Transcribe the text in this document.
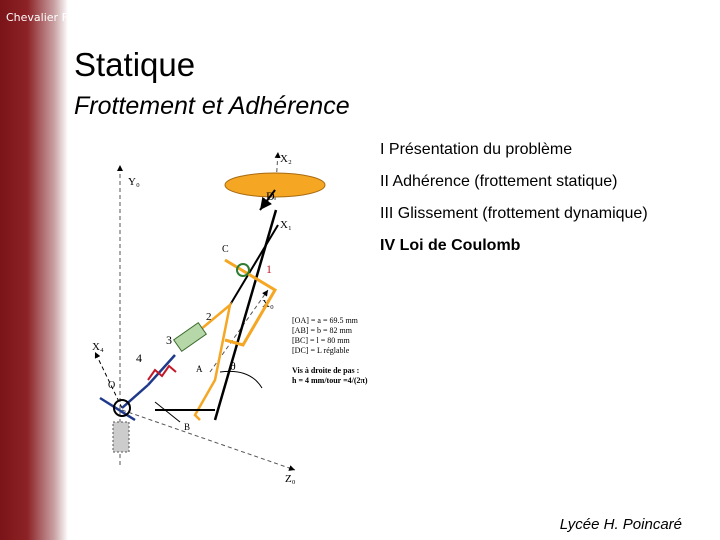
Chevalier F.
Statique
Frottement et Adhérence
I Présentation du problème
II Adhérence (frottement statique)
III Glissement (frottement dynamique)
IV Loi de Coulomb
Y₀
Z₀
X₀
X₄
X₂
X₁
D
C
1
2
3
4
O
B
A θ
[OA] = a = 69.5 mm
[AB] = b = 82 mm
[BC] = l = 80 mm
[DC] = L réglable
Vis à droite de pas :
h = 4 mm/tour =4/(2π)
Lycée H. Poincaré
